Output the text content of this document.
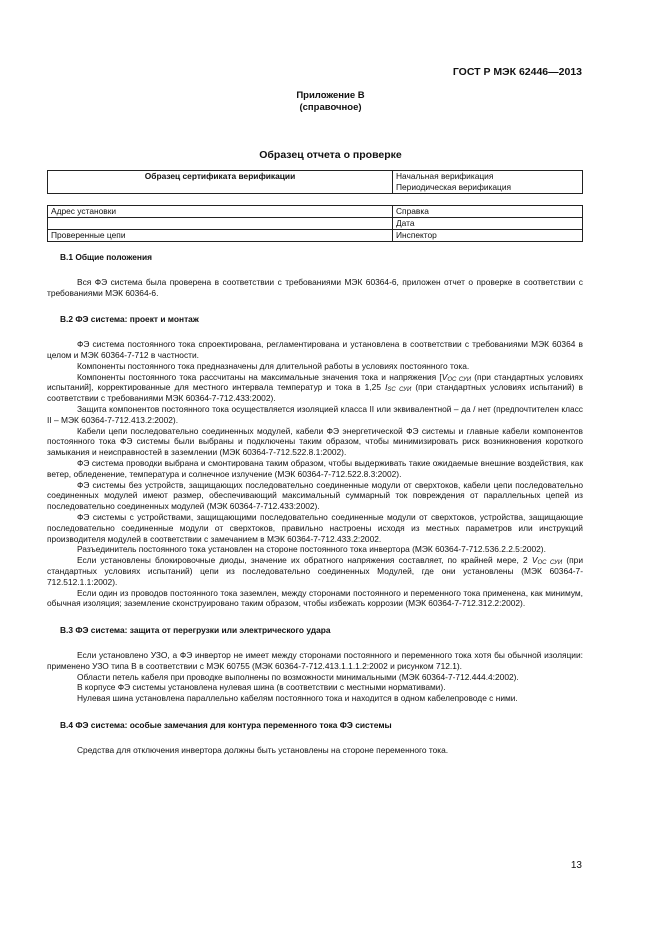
ГОСТ Р МЭК 62446—2013
Приложение В
(справочное)
Образец отчета о проверке
Образец сертификата верификации	Начальная верификация
Периодическая верификация
Адрес установки	Справка
	Дата
Проверенные цепи	Инспектор
В.1 Общие положения

Вся ФЭ система была проверена в соответствии с требованиями МЭК 60364-6, приложен отчет о проверке в соответствии с требованиями МЭК 60364-6.

В.2 ФЭ система: проект и монтаж

ФЭ система постоянного тока спроектирована, регламентирована и установлена в соответствии с требованиями МЭК 60364 в целом и МЭК 60364-7-712 в частности.

Компоненты постоянного тока предназначены для длительной работы в условиях постоянного тока.

Компоненты постоянного тока рассчитаны на максимальные значения тока и напряжения [$V_{OC СУИ}$ (при стандартных условиях испытаний], корректированные для местного интервала температур и тока в 1,25 $I_{SC СУИ}$ (при стандартных условиях испытаний) в соответствии с требованиями МЭК 60364-7-712.433:2002).

Защита компонентов постоянного тока осуществляется изоляцией класса II или эквивалентной – да / нет (предпочтителен класс II – МЭК 60364-7-712.413.2:2002).

Кабели цепи последовательно соединенных модулей, кабели ФЭ энергетической ФЭ системы и главные кабели компонентов постоянного тока ФЭ системы были выбраны и подключены таким образом, чтобы минимизировать риск возникновения короткого замыкания и неисправностей в заземлении (МЭК 60364-7-712.522.8.1:2002).

ФЭ система проводки выбрана и смонтирована таким образом, чтобы выдерживать такие ожидаемые внешние воздействия, как ветер, обледенение, температура и солнечное излучение (МЭК 60364-7-712.522.8.3:2002).

ФЭ системы без устройств, защищающих последовательно соединенные модули от сверхтоков, кабели цепи последовательно соединенных модулей имеют размер, обеспечивающий максимальный суммарный ток повреждения от параллельных цепей из последовательно соединенных модулей (МЭК 60364-7-712.433:2002).

ФЭ системы с устройствами, защищающими последовательно соединенные модули от сверхтоков, устройства, защищающие последовательно соединенные модули от сверхтоков, правильно настроены исходя из местных параметров или инструкций производителя модулей в соответствии с замечанием в МЭК 60364-7-712.433.2:2002.

Разъединитель постоянного тока установлен на стороне постоянного тока инвертора (МЭК 60364-7-712.536.2.2.5:2002).

Если установлены блокировочные диоды, значение их обратного напряжения составляет, по крайней мере, 2 $V_{OC СУИ}$ (при стандартных условиях испытаний) цепи из последовательно соединенных Модулей, где они установлены (МЭК 60364-7-712.512.1.1:2002).

Если один из проводов постоянного тока заземлен, между сторонами постоянного и переменного тока применена, как минимум, обычная изоляция; заземление сконструировано таким образом, чтобы избежать коррозии (МЭК 60364-7-712.312.2:2002).

В.3 ФЭ система: защита от перегрузки или электрического удара

Если установлено УЗО, а ФЭ инвертор не имеет между сторонами постоянного и переменного тока хотя бы обычной изоляции: применено УЗО типа В в соответствии с МЭК 60755 (МЭК 60364-7-712.413.1.1.1.2:2002 и рисунком 712.1).

Области петель кабеля при проводке выполнены по возможности минимальными (МЭК 60364-7-712.444.4:2002).

В корпусе ФЭ системы установлена нулевая шина (в соответствии с местными нормативами).

Нулевая шина установлена параллельно кабелям постоянного тока и находится в одном кабелепроводе с ними.

В.4 ФЭ система: особые замечания для контура переменного тока ФЭ системы

Средства для отключения инвертора должны быть установлены на стороне переменного тока.

13
